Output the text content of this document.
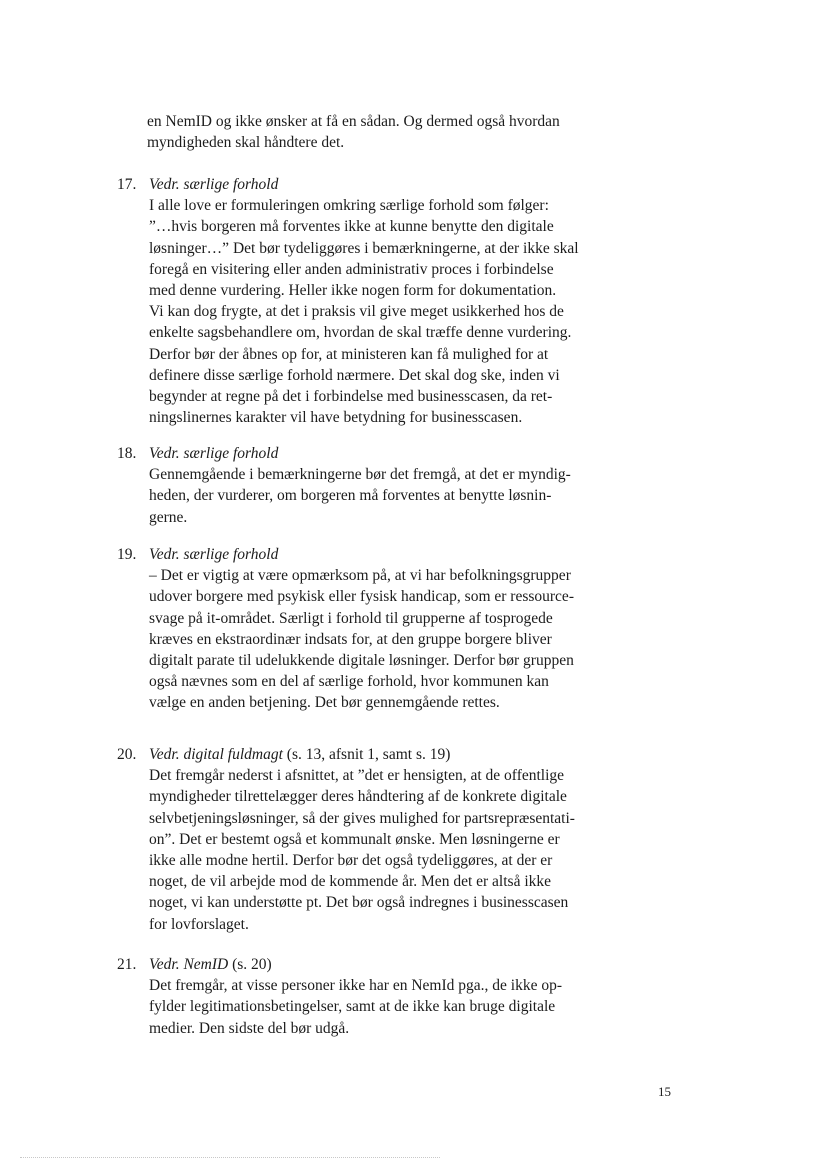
en NemID og ikke ønsker at få en sådan. Og dermed også hvordan
myndigheden skal håndtere det.
17. Vedr. særlige forhold
I alle love er formuleringen omkring særlige forhold som følger:
”…hvis borgeren må forventes ikke at kunne benytte den digitale
løsninger…” Det bør tydeliggøres i bemærkningerne, at der ikke skal
foregå en visitering eller anden administrativ proces i forbindelse
med denne vurdering. Heller ikke nogen form for dokumentation.
Vi kan dog frygte, at det i praksis vil give meget usikkerhed hos de
enkelte sagsbehandlere om, hvordan de skal træffe denne vurdering.
Derfor bør der åbnes op for, at ministeren kan få mulighed for at
definere disse særlige forhold nærmere. Det skal dog ske, inden vi
begynder at regne på det i forbindelse med businesscasen, da ret-
ningslinernes karakter vil have betydning for businesscasen.
18. Vedr. særlige forhold
Gennemgående i bemærkningerne bør det fremgå, at det er myndig-
heden, der vurderer, om borgeren må forventes at benytte løsnin-
gerne.
19. Vedr. særlige forhold
– Det er vigtig at være opmærksom på, at vi har befolkningsgrupper
udover borgere med psykisk eller fysisk handicap, som er ressource-
svage på it-området. Særligt i forhold til grupperne af tosprogede
kræves en ekstraordinær indsats for, at den gruppe borgere bliver
digitalt parate til udelukkende digitale løsninger. Derfor bør gruppen
også nævnes som en del af særlige forhold, hvor kommunen kan
vælge en anden betjening. Det bør gennemgående rettes.
20. Vedr. digital fuldmagt (s. 13, afsnit 1, samt s. 19)
Det fremgår nederst i afsnittet, at ”det er hensigten, at de offentlige
myndigheder tilrettelægger deres håndtering af de konkrete digitale
selvbetjeningsløsninger, så der gives mulighed for partsrepræsentati-
on”. Det er bestemt også et kommunalt ønske. Men løsningerne er
ikke alle modne hertil. Derfor bør det også tydeliggøres, at der er
noget, de vil arbejde mod de kommende år. Men det er altså ikke
noget, vi kan understøtte pt. Det bør også indregnes i businesscasen
for lovforslaget.
21. Vedr. NemID (s. 20)
Det fremgår, at visse personer ikke har en NemId pga., de ikke op-
fylder legitimationsbetingelser, samt at de ikke kan bruge digitale
medier. Den sidste del bør udgå.
15
